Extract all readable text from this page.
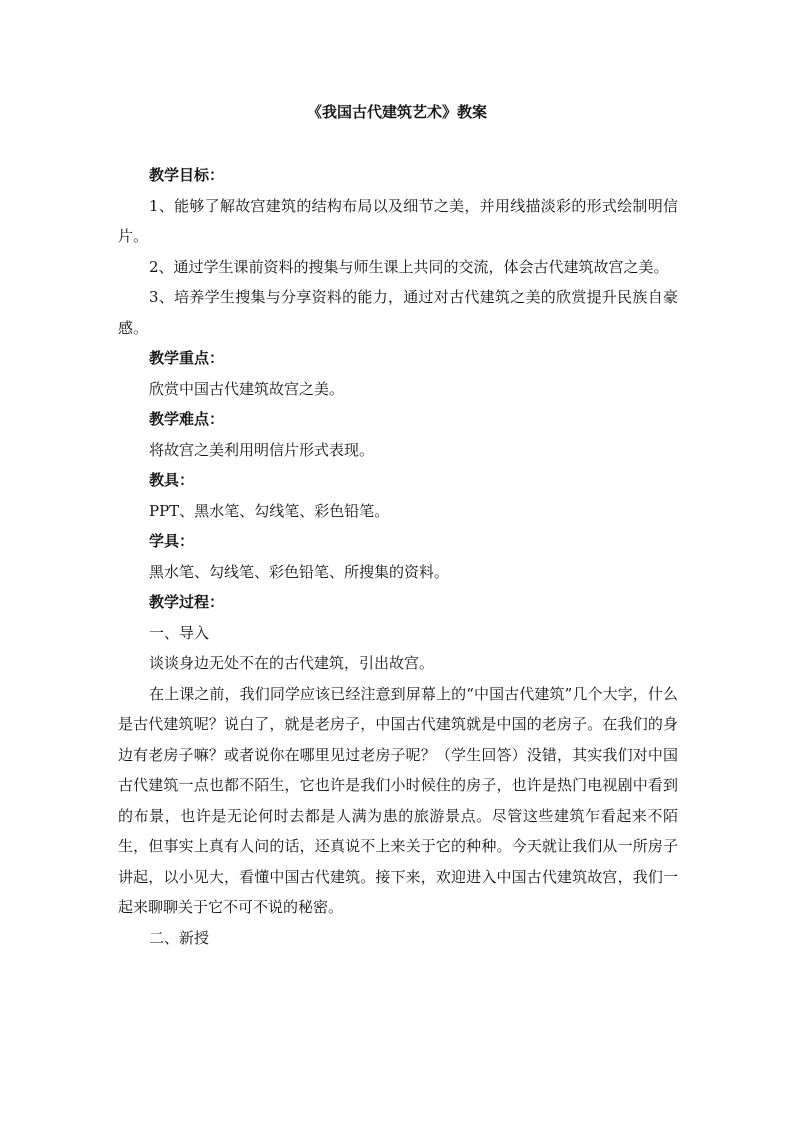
《我国古代建筑艺术》教案

教学目标：

1、能够了解故宫建筑的结构布局以及细节之美，并用线描淡彩的形式绘制明信片。

2、通过学生课前资料的搜集与师生课上共同的交流，体会古代建筑故宫之美。

3、培养学生搜集与分享资料的能力，通过对古代建筑之美的欣赏提升民族自豪感。

教学重点：

欣赏中国古代建筑故宫之美。

教学难点：

将故宫之美利用明信片形式表现。

教具：

PPT、黑水笔、勾线笔、彩色铅笔。

学具：

黑水笔、勾线笔、彩色铅笔、所搜集的资料。

教学过程：

一、导入

谈谈身边无处不在的古代建筑，引出故宫。

在上课之前，我们同学应该已经注意到屏幕上的“中国古代建筑”几个大字，什么是古代建筑呢？说白了，就是老房子，中国古代建筑就是中国的老房子。在我们的身边有老房子嘛？或者说你在哪里见过老房子呢？（学生回答）没错，其实我们对中国古代建筑一点也都不陌生，它也许是我们小时候住的房子，也许是热门电视剧中看到的布景，也许是无论何时去都是人满为患的旅游景点。尽管这些建筑乍看起来不陌生，但事实上真有人问的话，还真说不上来关于它的种种。今天就让我们从一所房子讲起，以小见大，看懂中国古代建筑。接下来，欢迎进入中国古代建筑故宫，我们一起来聊聊关于它不可不说的秘密。

二、新授
